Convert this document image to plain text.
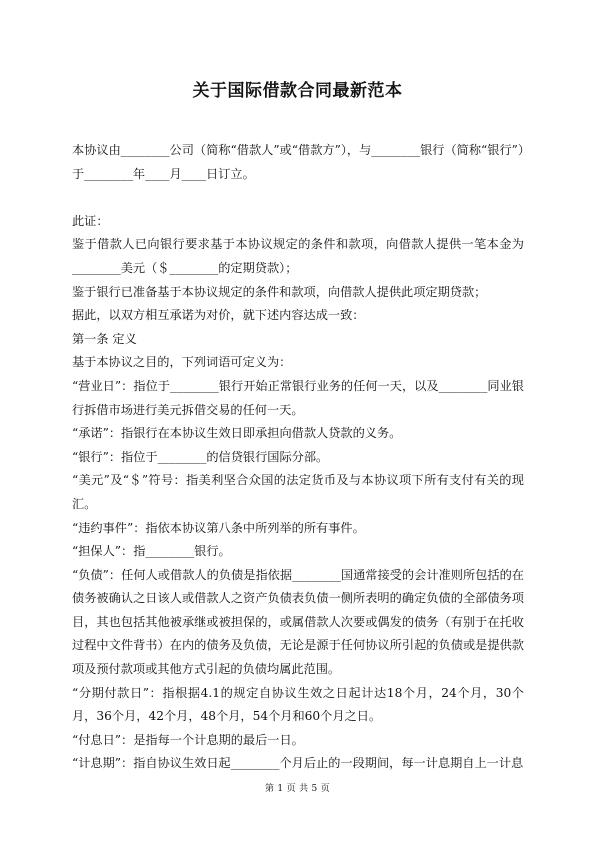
关于国际借款合同最新范本

本协议由________公司（简称“借款人”或“借款方”），与________银行（简称“银行”）于________年____月____日订立。

此证：

鉴于借款人已向银行要求基于本协议规定的条件和款项，向借款人提供一笔本金为________美元（＄________的定期贷款）；

鉴于银行已准备基于本协议规定的条件和款项，向借款人提供此项定期贷款；

据此，以双方相互承诺为对价，就下述内容达成一致：

第一条 定义

基于本协议之目的，下列词语可定义为：

“营业日”：指位于________银行开始正常银行业务的任何一天，以及________同业银行拆借市场进行美元拆借交易的任何一天。

“承诺”：指银行在本协议生效日即承担向借款人贷款的义务。

“银行”：指位于________的信贷银行国际分部。

“美元”及“＄”符号：指美利坚合众国的法定货币及与本协议项下所有支付有关的现汇。

“违约事件”：指依本协议第八条中所列举的所有事件。

“担保人”：指________银行。

“负债”：任何人或借款人的负债是指依据________国通常接受的会计准则所包括的在债务被确认之日该人或借款人之资产负债表负债一侧所表明的确定负债的全部债务项目，其也包括其他被承继或被担保的，或属借款人次要或偶发的债务（有别于在托收过程中文件背书）在内的债务及负债，无论是源于任何协议所引起的负债或是提供款项及预付款项或其他方式引起的负债均属此范围。

“分期付款日”：指根据4.1的规定自协议生效之日起计达18个月，24个月，30个月，36个月，42个月，48个月，54个月和60个月之日。

“付息日”：是指每一个计息期的最后一日。

“计息期”：指自协议生效日起________个月后止的一段期间，每一计息期自上一计息

第 1 页 共 5 页
